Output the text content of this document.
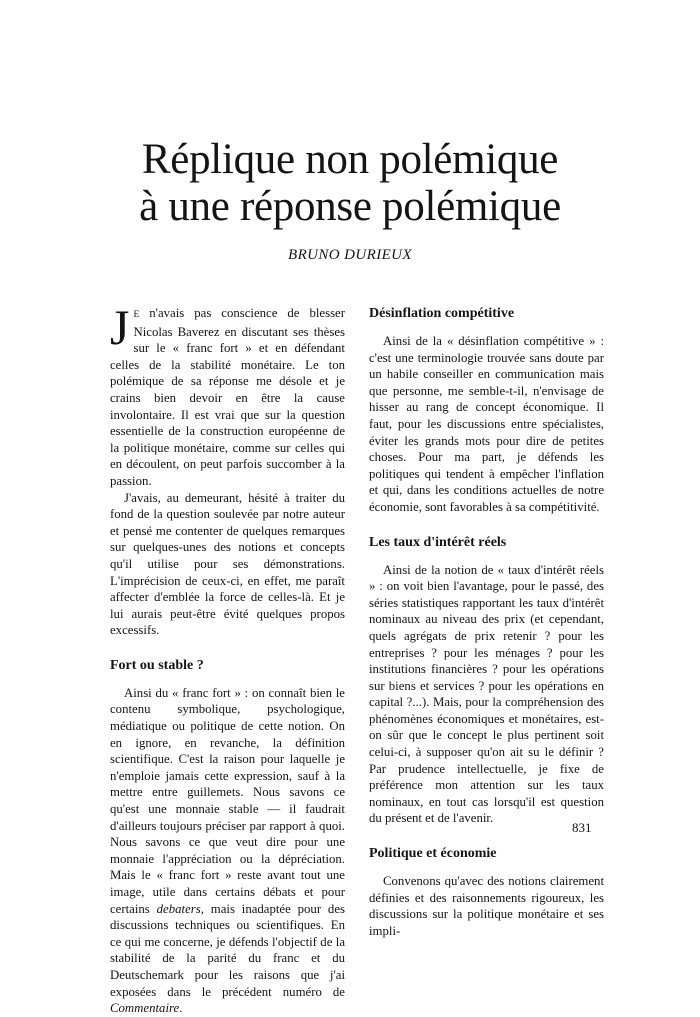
Réplique non polémique
à une réponse polémique
BRUNO DURIEUX

J E n'avais pas conscience de blesser Nicolas Baverez en discutant ses thèses sur le « franc fort » et en défendant celles de la stabilité monétaire. Le ton polémique de sa réponse me désole et je crains bien devoir en être la cause involontaire. Il est vrai que sur la question essentielle de la construction européenne de la politique monétaire, comme sur celles qui en découlent, on peut parfois succomber à la passion.

J'avais, au demeurant, hésité à traiter du fond de la question soulevée par notre auteur et pensé me contenter de quelques remarques sur quelques-unes des notions et concepts qu'il utilise pour ses démonstrations. L'imprécision de ceux-ci, en effet, me paraît affecter d'emblée la force de celles-là. Et je lui aurais peut-être évité quelques propos excessifs.

Fort ou stable ?

Ainsi du « franc fort » : on connaît bien le contenu symbolique, psychologique, médiatique ou politique de cette notion. On en ignore, en revanche, la définition scientifique. C'est la raison pour laquelle je n'emploie jamais cette expression, sauf à la mettre entre guillemets. Nous savons ce qu'est une monnaie stable — il faudrait d'ailleurs toujours préciser par rapport à quoi. Nous savons ce que veut dire pour une monnaie l'appréciation ou la dépréciation. Mais le « franc fort » reste avant tout une image, utile dans certains débats et pour certains debaters, mais inadaptée pour des discussions techniques ou scientifiques. En ce qui me concerne, je défends l'objectif de la stabilité de la parité du franc et du Deutschemark pour les raisons que j'ai exposées dans le précédent numéro de Commentaire.

Désinflation compétitive

Ainsi de la « désinflation compétitive » : c'est une terminologie trouvée sans doute par un habile conseiller en communication mais que personne, me semble-t-il, n'envisage de hisser au rang de concept économique. Il faut, pour les discussions entre spécialistes, éviter les grands mots pour dire de petites choses. Pour ma part, je défends les politiques qui tendent à empêcher l'inflation et qui, dans les conditions actuelles de notre économie, sont favorables à sa compétitivité.

Les taux d'intérêt réels

Ainsi de la notion de « taux d'intérêt réels » : on voit bien l'avantage, pour le passé, des séries statistiques rapportant les taux d'intérêt nominaux au niveau des prix (et cependant, quels agrégats de prix retenir ? pour les entreprises ? pour les ménages ? pour les institutions financières ? pour les opérations sur biens et services ? pour les opérations en capital ?...). Mais, pour la compréhension des phénomènes économiques et monétaires, est-on sûr que le concept le plus pertinent soit celui-ci, à supposer qu'on ait su le définir ? Par prudence intellectuelle, je fixe de préférence mon attention sur les taux nominaux, en tout cas lorsqu'il est question du présent et de l'avenir.

Politique et économie

Convenons qu'avec des notions clairement définies et des raisonnements rigoureux, les discussions sur la politique monétaire et ses impli-

831
